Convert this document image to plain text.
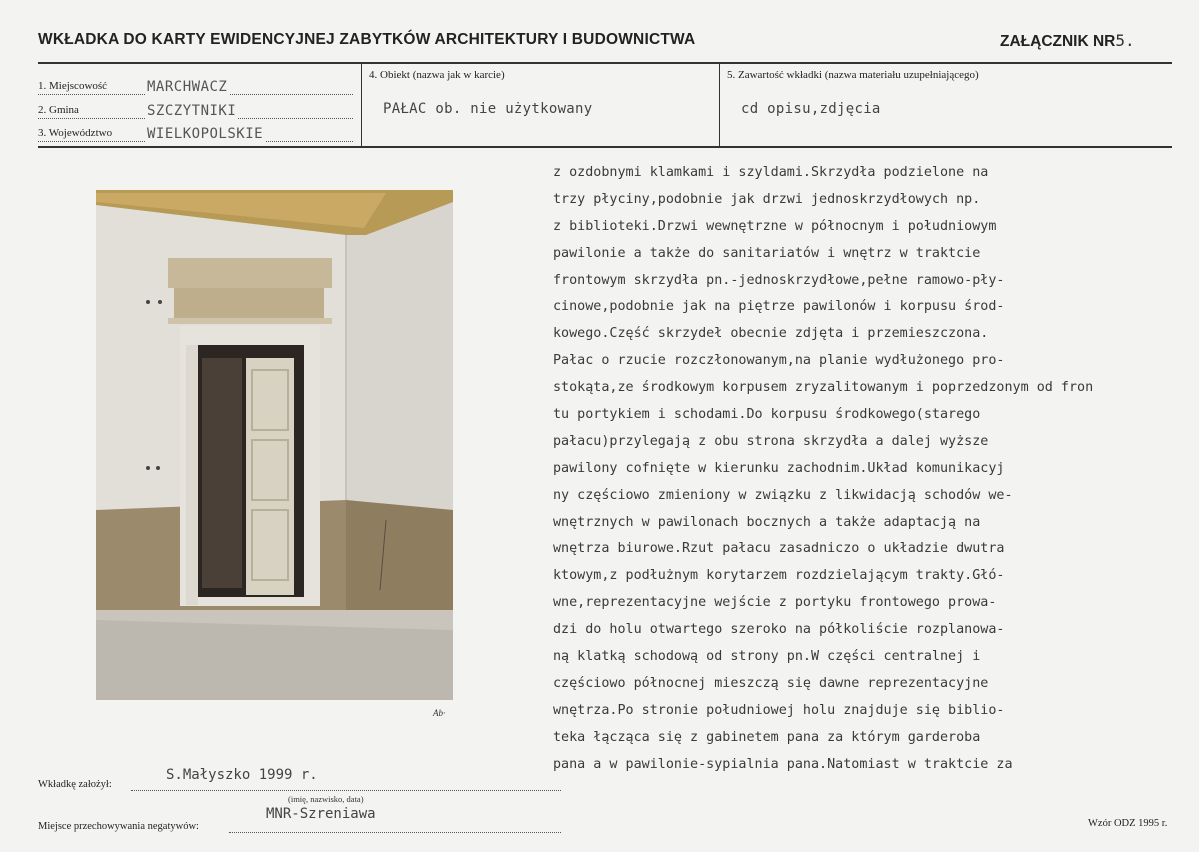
WKŁADKA DO KARTY EWIDENCYJNEJ ZABYTKÓW ARCHITEKTURY I BUDOWNICTWA	ZAŁĄCZNIK NR5.
1. Miejscowość	MARCHWACZ
2. Gmina	SZCZYTNIKI
3. Województwo WIELKOPOLSKIE
4. Obiekt (nazwa jak w karcie)
PAŁAC ob. nie użytkowany
5. Zawartość wkładki (nazwa materiału uzupełniającego)
cd opisu,zdjęcia
Ab·
z ozdobnymi klamkami i szyldami.Skrzydła podzielone na
trzy płyciny,podobnie jak drzwi jednoskrzydłowych np.
z biblioteki.Drzwi wewnętrzne w północnym i południowym
pawilonie a także do sanitariatów i wnętrz w traktcie
frontowym skrzydła pn.-jednoskrzydłowe,pełne ramowo-pły-
cinowe,podobnie jak na piętrze pawilonów i korpusu środ-
kowego.Część skrzydeł obecnie zdjęta i przemieszczona.
Pałac o rzucie rozczłonowanym,na planie wydłużonego pro-
stokąta,ze środkowym korpusem zryzalitowanym i poprzedzonym od fron
tu portykiem i schodami.Do korpusu środkowego(starego
pałacu)przylegają z obu strona skrzydła a dalej wyższe
pawilony cofnięte w kierunku zachodnim.Układ komunikacyj
ny częściowo zmieniony w związku z likwidacją schodów we-
wnętrznych w pawilonach bocznych a także adaptacją na
wnętrza biurowe.Rzut pałacu zasadniczo o układzie dwutra
ktowym,z podłużnym korytarzem rozdzielającym trakty.Głó-
wne,reprezentacyjne wejście z portyku frontowego prowa-
dzi do holu otwartego szeroko na półkoliście rozplanowa-
ną klatką schodową od strony pn.W części centralnej i
częściowo północnej mieszczą się dawne reprezentacyjne
wnętrza.Po stronie południowej holu znajduje się biblio-
teka łącząca się z gabinetem pana za którym garderoba
pana a w pawilonie-sypialnia pana.Natomiast w traktcie za
Wkładkę założył:
S.Małyszko 1999 r.
(imię, nazwisko, data)
Miejsce przechowywania negatywów:
MNR-Szreniawa
Wzór ODZ 1995 r.
